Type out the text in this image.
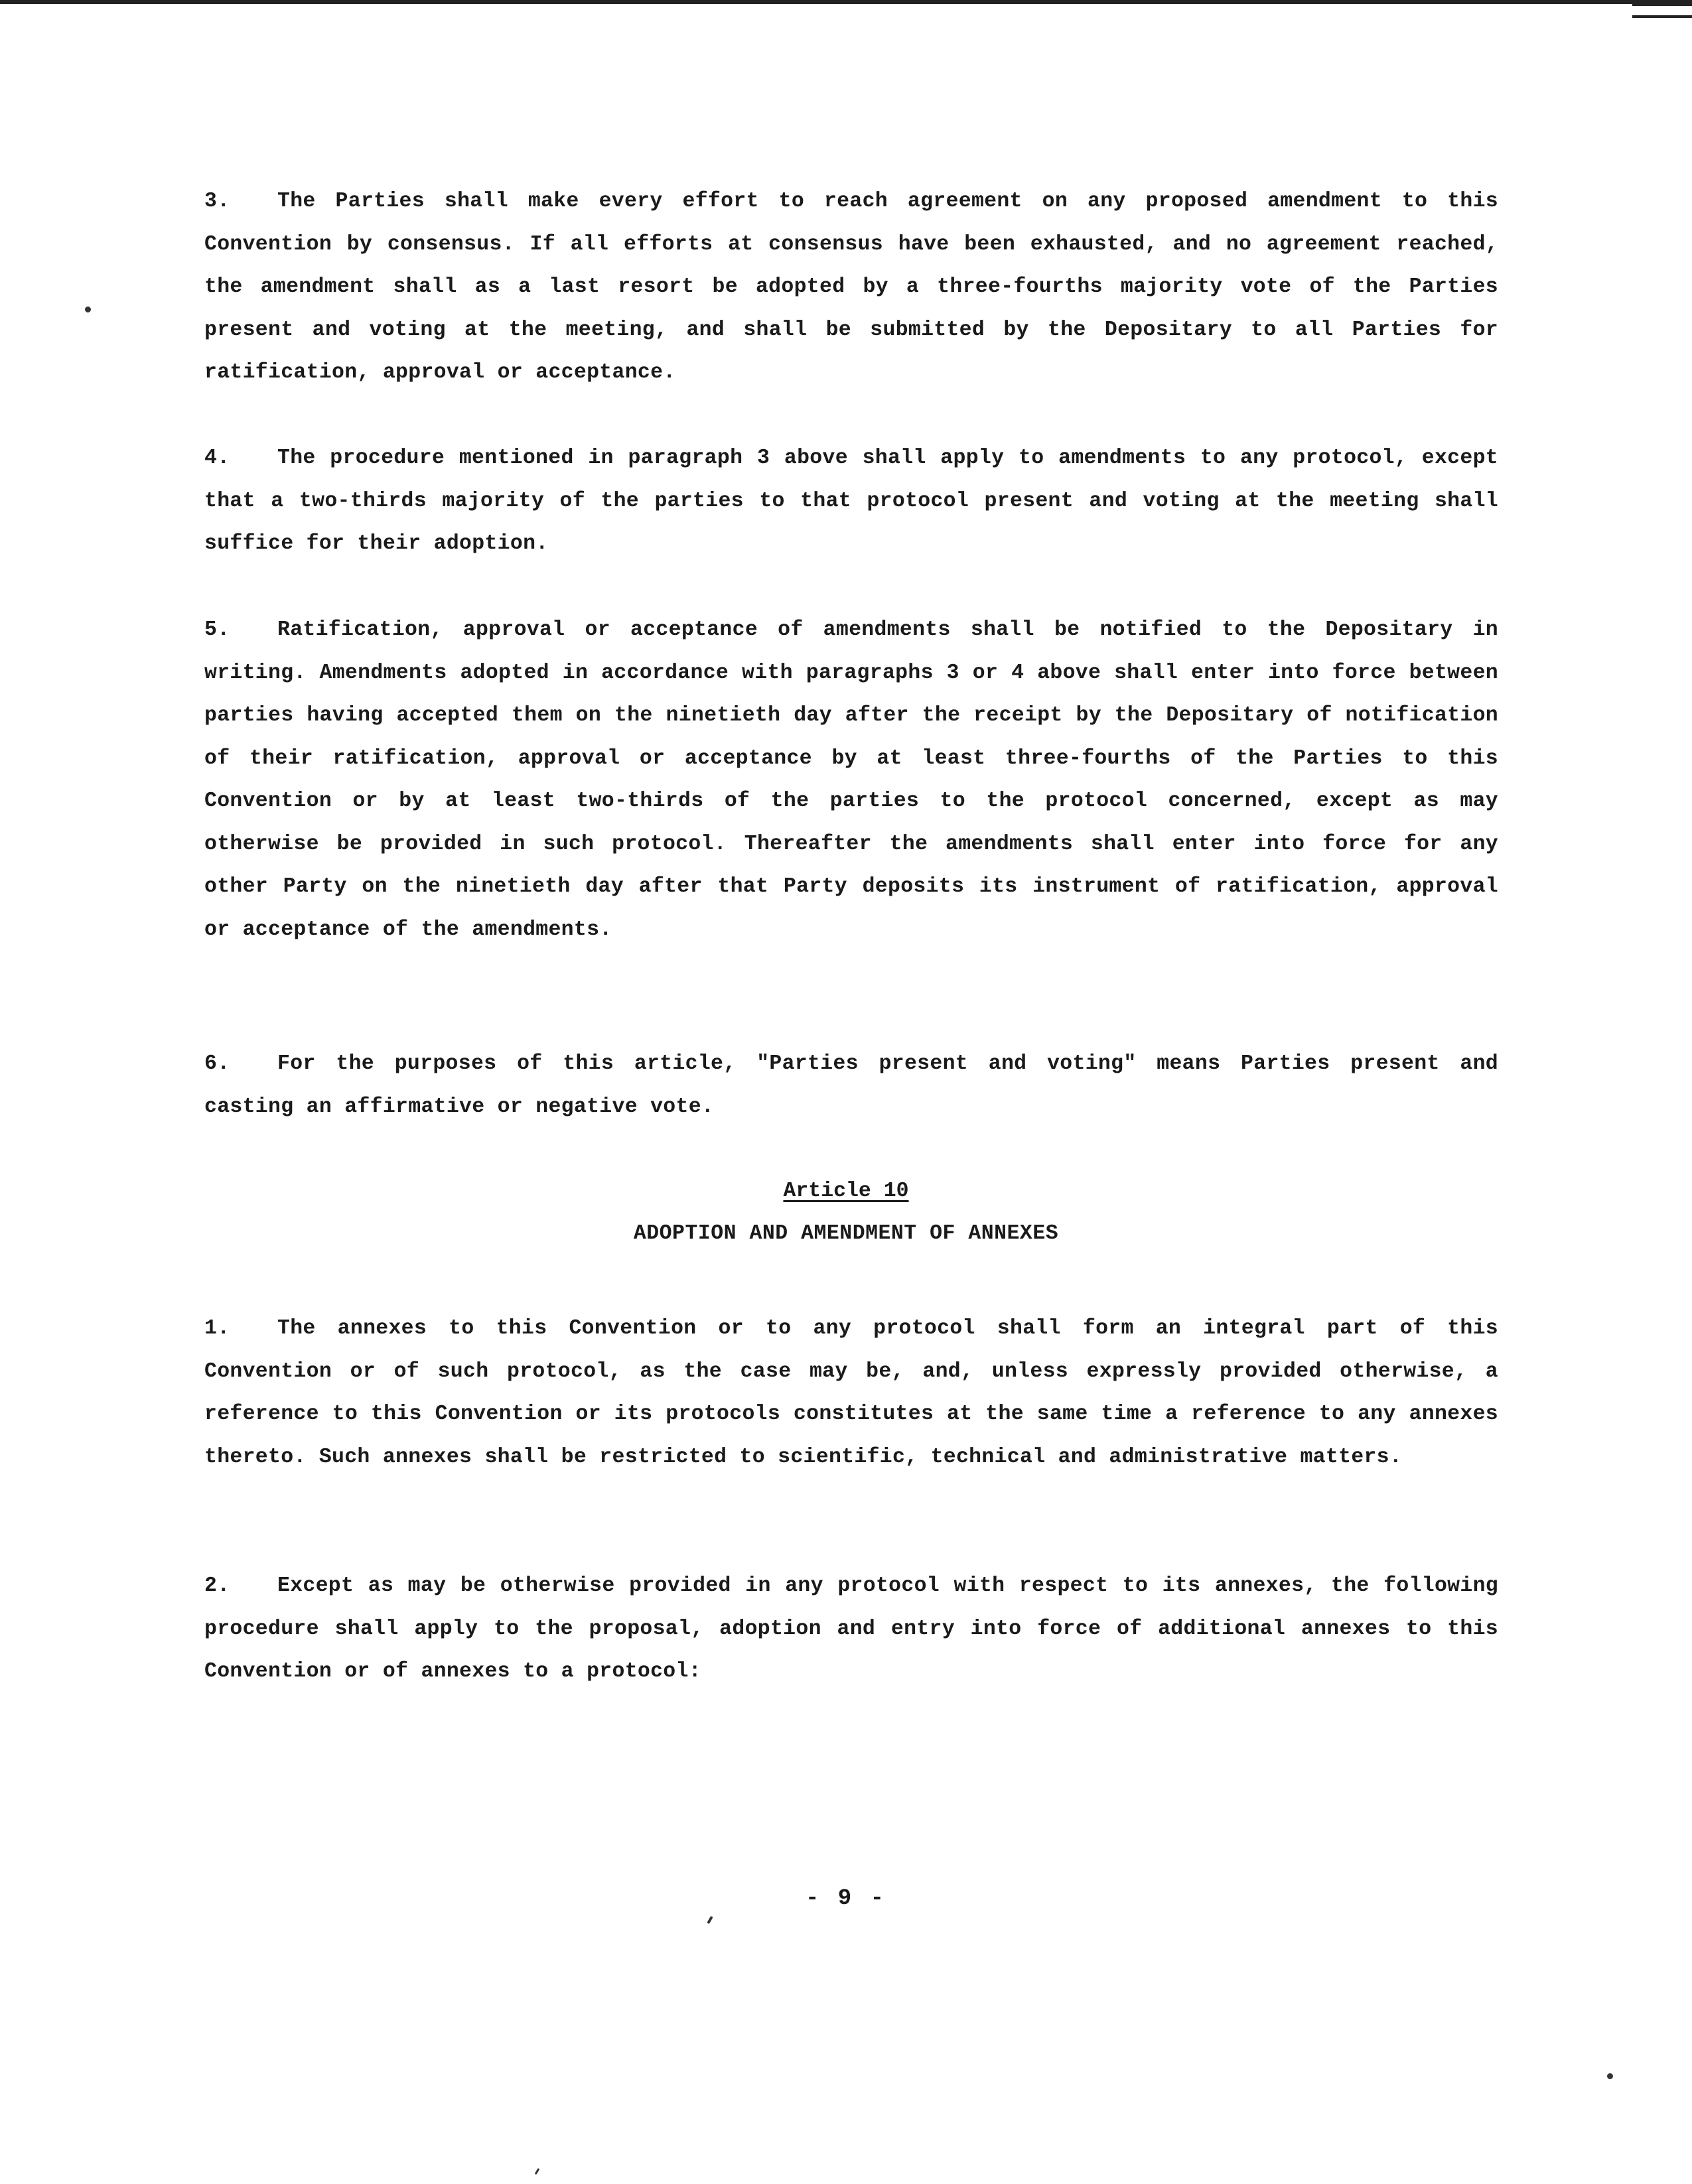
3. The Parties shall make every effort to reach agreement on any proposed amendment to this Convention by consensus. If all efforts at consensus have been exhausted, and no agreement reached, the amendment shall as a last resort be adopted by a three-fourths majority vote of the Parties present and voting at the meeting, and shall be submitted by the Depositary to all Parties for ratification, approval or acceptance.

4. The procedure mentioned in paragraph 3 above shall apply to amendments to any protocol, except that a two-thirds majority of the parties to that protocol present and voting at the meeting shall suffice for their adoption.

5. Ratification, approval or acceptance of amendments shall be notified to the Depositary in writing. Amendments adopted in accordance with paragraphs 3 or 4 above shall enter into force between parties having accepted them on the ninetieth day after the receipt by the Depositary of notification of their ratification, approval or acceptance by at least three-fourths of the Parties to this Convention or by at least two-thirds of the parties to the protocol concerned, except as may otherwise be provided in such protocol. Thereafter the amendments shall enter into force for any other Party on the ninetieth day after that Party deposits its instrument of ratification, approval or acceptance of the amendments.

6. For the purposes of this article, "Parties present and voting" means Parties present and casting an affirmative or negative vote.

Article 10

ADOPTION AND AMENDMENT OF ANNEXES

1. The annexes to this Convention or to any protocol shall form an integral part of this Convention or of such protocol, as the case may be, and, unless expressly provided otherwise, a reference to this Convention or its protocols constitutes at the same time a reference to any annexes thereto. Such annexes shall be restricted to scientific, technical and administrative matters.

2. Except as may be otherwise provided in any protocol with respect to its annexes, the following procedure shall apply to the proposal, adoption and entry into force of additional annexes to this Convention or of annexes to a protocol:

- 9 -
